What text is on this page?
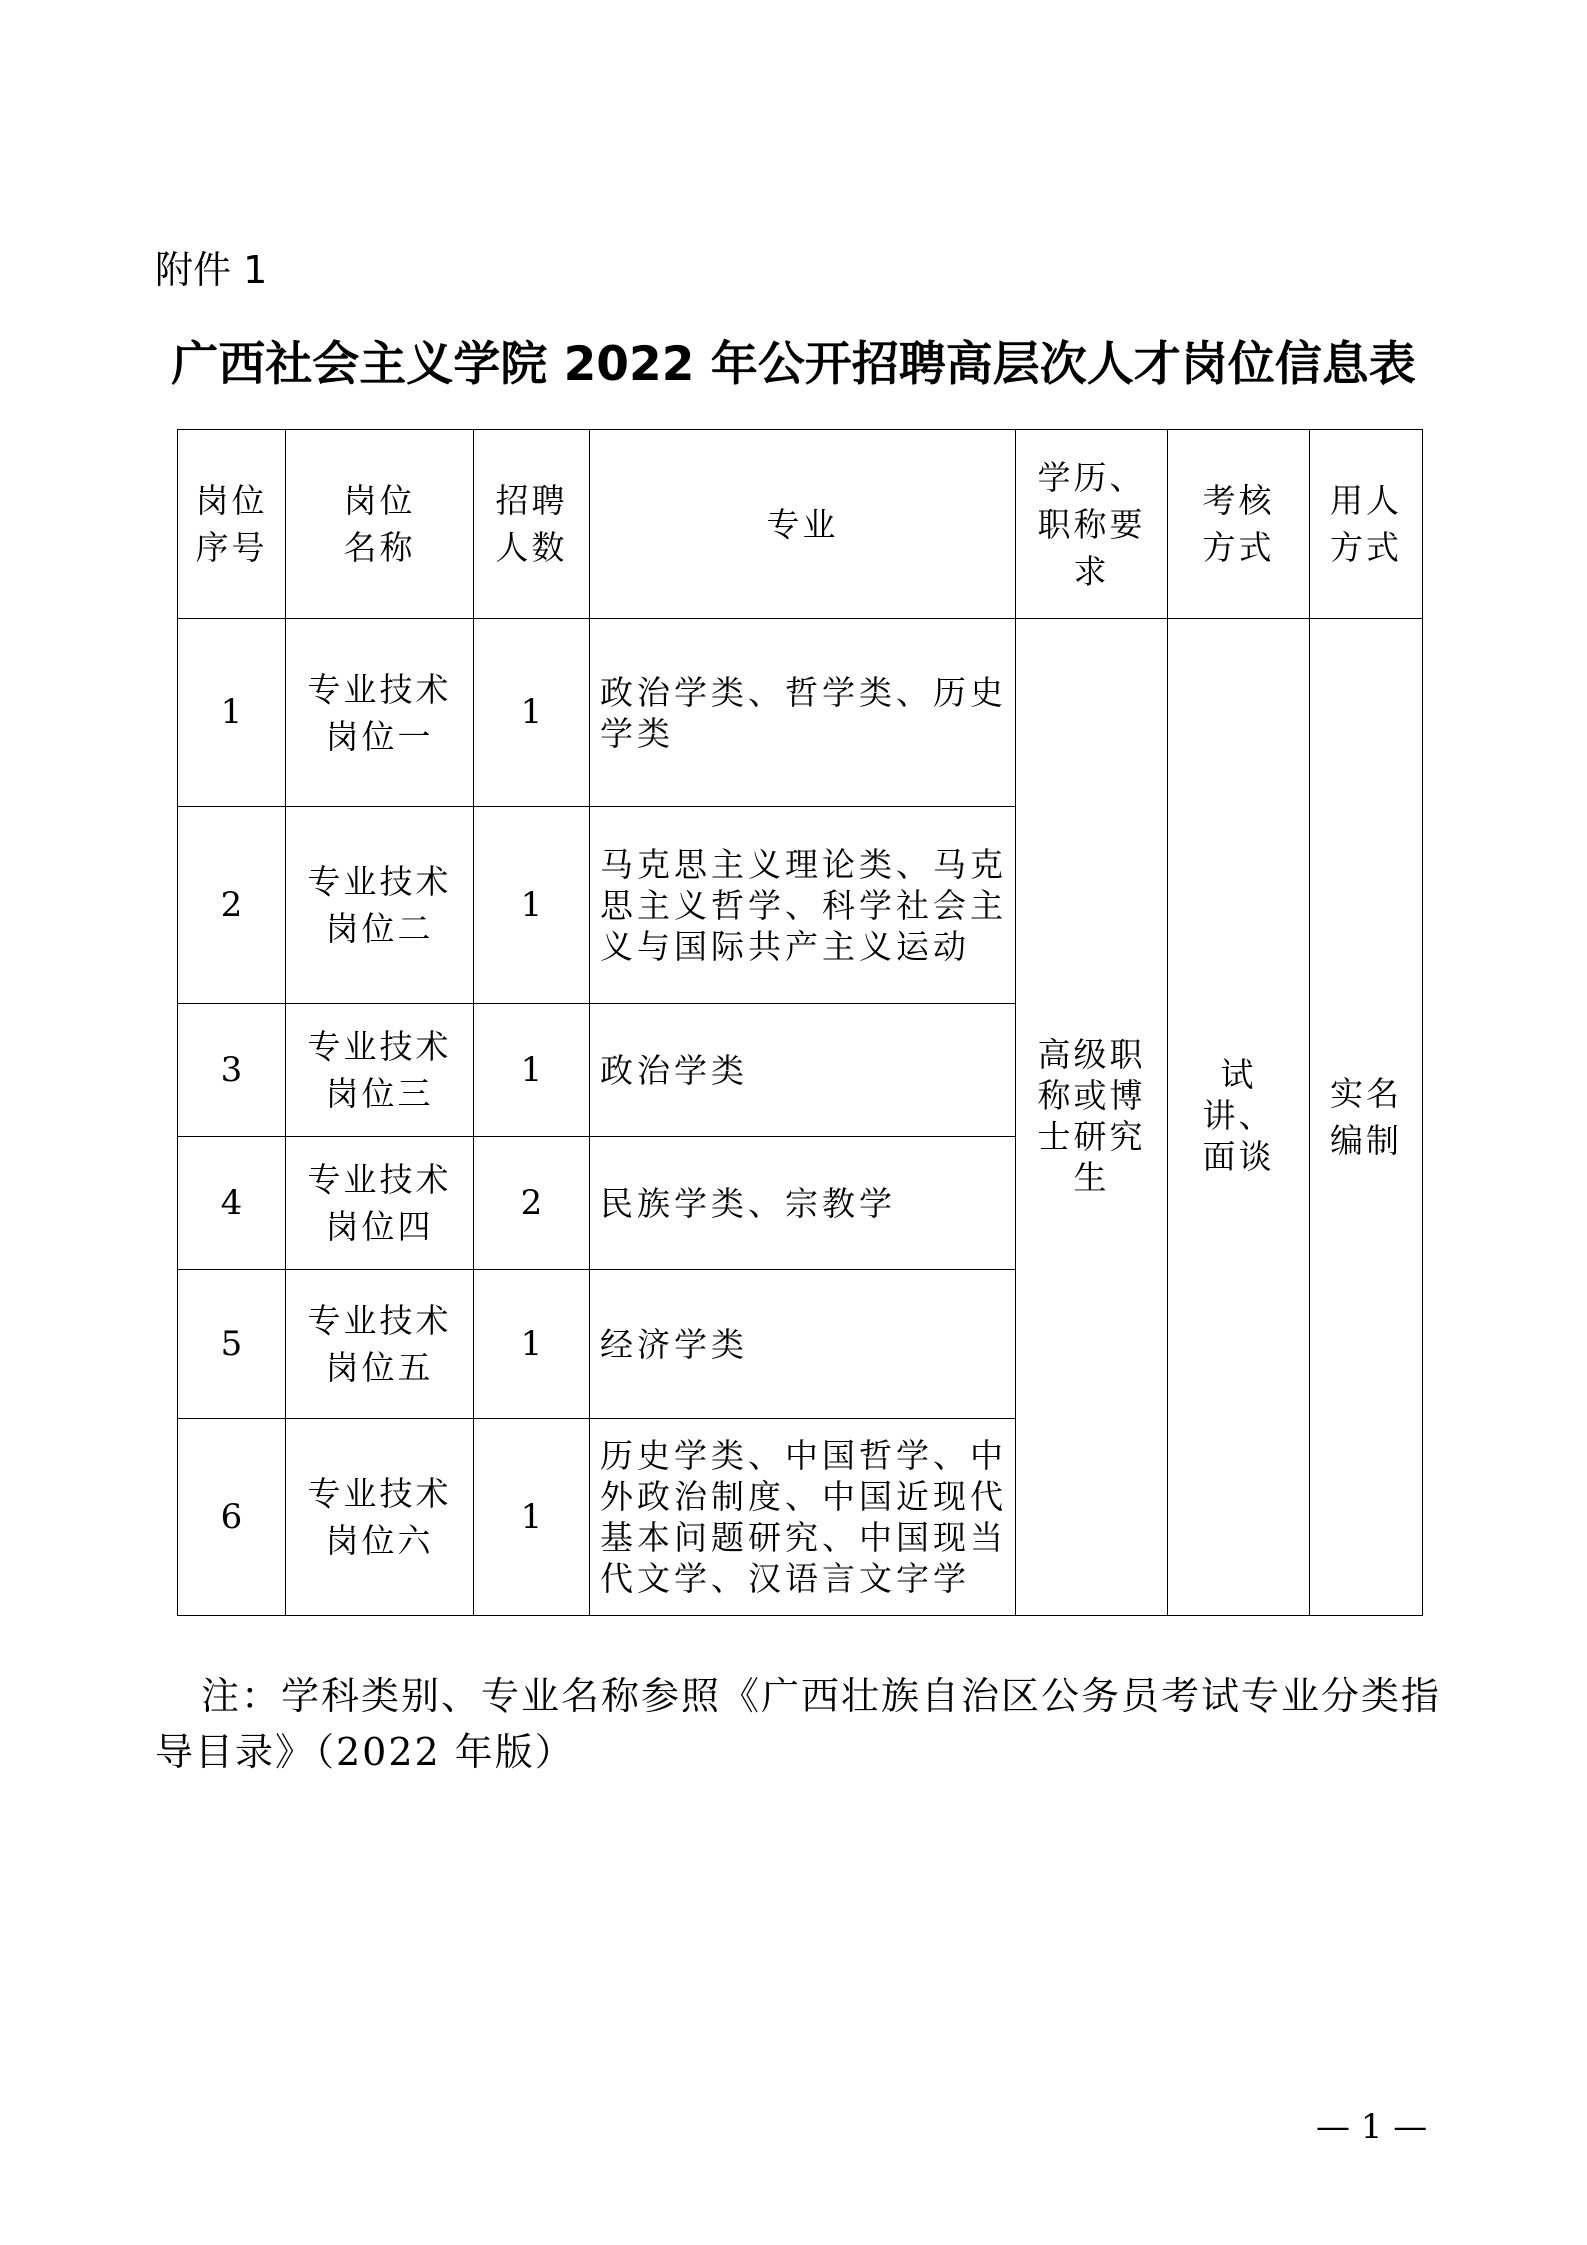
附件 1
广西社会主义学院 2022 年公开招聘高层次人才岗位信息表
岗位序号	岗位名称	招聘人数	专业	学历、职称要求	考核方式	用人方式
1	专业技术岗位一	1	政治学类、哲学类、历史学类	高级职称或博士研究生	试讲、面谈	实名编制
2	专业技术岗位二	1	马克思主义理论类、马克思主义哲学、科学社会主义与国际共产主义运动			
3	专业技术岗位三	1	政治学类			
4	专业技术岗位四	2	民族学类、宗教学			
5	专业技术岗位五	1	经济学类			
6	专业技术岗位六	1	历史学类、中国哲学、中外政治制度、中国近现代基本问题研究、中国现当代文学、汉语言文字学			
注：学科类别、专业名称参照《广西壮族自治区公务员考试专业分类指导目录》（2022 年版）
— 1 —
